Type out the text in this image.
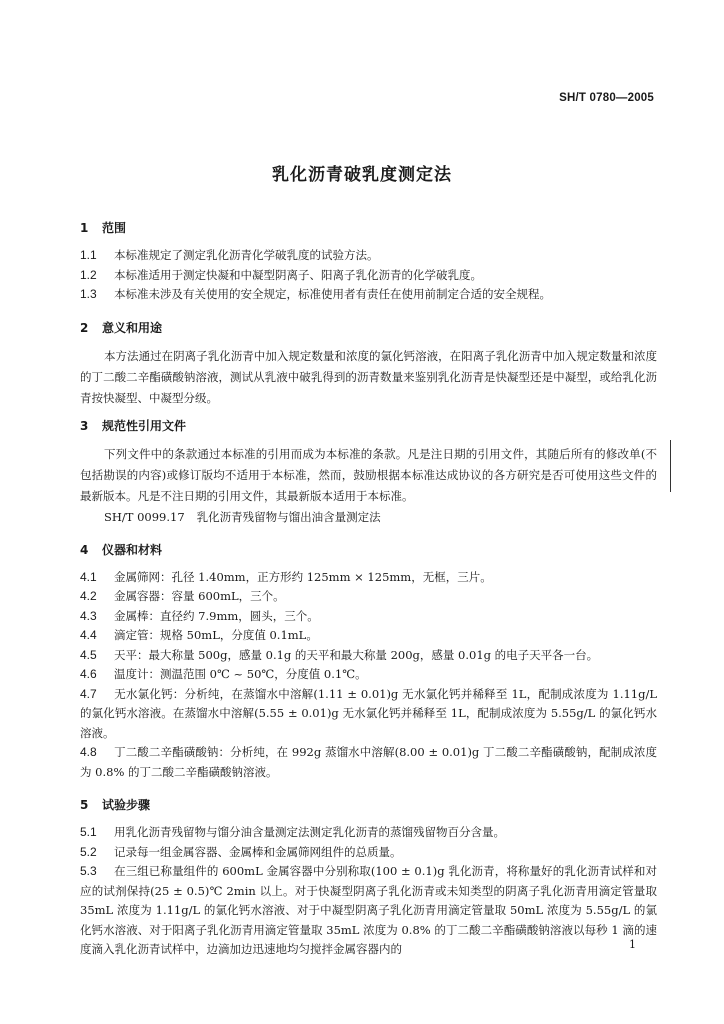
SH/T 0780—2005
乳化沥青破乳度测定法
1 范围
1.1 本标准规定了测定乳化沥青化学破乳度的试验方法。
1.2 本标准适用于测定快凝和中凝型阴离子、阳离子乳化沥青的化学破乳度。
1.3 本标准未涉及有关使用的安全规定，标准使用者有责任在使用前制定合适的安全规程。
2 意义和用途

本方法通过在阴离子乳化沥青中加入规定数量和浓度的氯化钙溶液，在阳离子乳化沥青中加入规定数量和浓度的丁二酸二辛酯磺酸钠溶液，测试从乳液中破乳得到的沥青数量来鉴别乳化沥青是快凝型还是中凝型，或给乳化沥青按快凝型、中凝型分级。

3 规范性引用文件

下列文件中的条款通过本标准的引用而成为本标准的条款。凡是注日期的引用文件，其随后所有的修改单(不包括勘误的内容)或修订版均不适用于本标准，然而，鼓励根据本标准达成协议的各方研究是否可使用这些文件的最新版本。凡是不注日期的引用文件，其最新版本适用于本标准。

SH/T 0099.17 乳化沥青残留物与馏出油含量测定法

4 仪器和材料
4.1 金属筛网：孔径 1.40mm，正方形约 125mm × 125mm，无框，三片。
4.2 金属容器：容量 600mL，三个。
4.3 金属棒：直径约 7.9mm，圆头，三个。
4.4 滴定管：规格 50mL，分度值 0.1mL。
4.5 天平：最大称量 500g，感量 0.1g 的天平和最大称量 200g，感量 0.01g 的电子天平各一台。
4.6 温度计：测温范围 0℃ ~ 50℃，分度值 0.1℃。
4.7 无水氯化钙：分析纯，在蒸馏水中溶解(1.11 ± 0.01)g 无水氯化钙并稀释至 1L，配制成浓度为 1.11g/L 的氯化钙水溶液。在蒸馏水中溶解(5.55 ± 0.01)g 无水氯化钙并稀释至 1L，配制成浓度为 5.55g/L 的氯化钙水溶液。
4.8 丁二酸二辛酯磺酸钠：分析纯，在 992g 蒸馏水中溶解(8.00 ± 0.01)g 丁二酸二辛酯磺酸钠，配制成浓度为 0.8% 的丁二酸二辛酯磺酸钠溶液。
5 试验步骤
5.1 用乳化沥青残留物与馏分油含量测定法测定乳化沥青的蒸馏残留物百分含量。
5.2 记录每一组金属容器、金属棒和金属筛网组件的总质量。
5.3 在三组已称量组件的 600mL 金属容器中分别称取(100 ± 0.1)g 乳化沥青，将称量好的乳化沥青试样和对应的试剂保持(25 ± 0.5)℃ 2min 以上。对于快凝型阴离子乳化沥青或未知类型的阴离子乳化沥青用滴定管量取 35mL 浓度为 1.11g/L 的氯化钙水溶液、对于中凝型阴离子乳化沥青用滴定管量取 50mL 浓度为 5.55g/L 的氯化钙水溶液、对于阳离子乳化沥青用滴定管量取 35mL 浓度为 0.8% 的丁二酸二辛酯磺酸钠溶液以每秒 1 滴的速度滴入乳化沥青试样中，边滴加边迅速地均匀搅拌金属容器内的	1
